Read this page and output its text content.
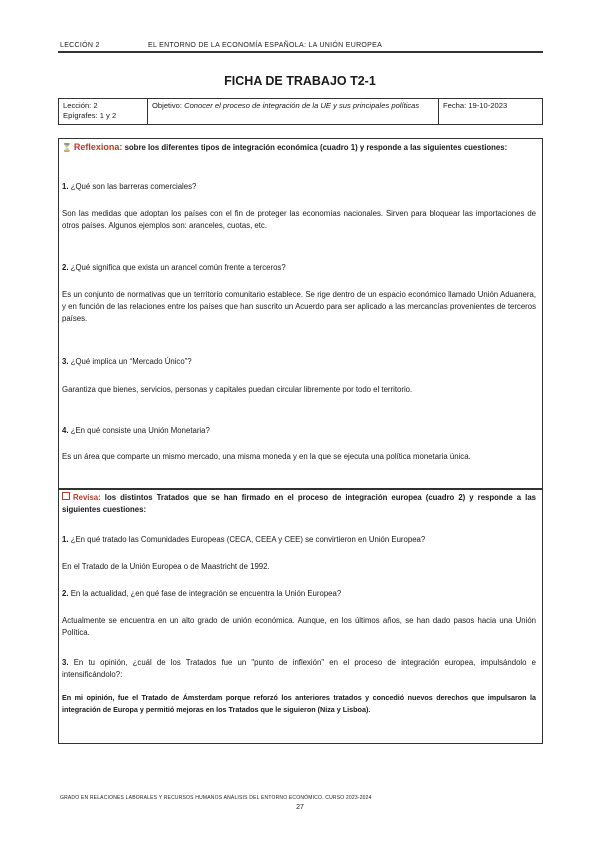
LECCIÓN 2	EL ENTORNO DE LA ECONOMÍA ESPAÑOLA: LA UNIÓN EUROPEA
FICHA DE TRABAJO T2-1
Lección: 2
Epígrafes: 1 y 2
	Objetivo: Conocer el proceso de integración de la UE y sus principales políticas	Fecha: 19-10-2023

⏳ Reflexiona: sobre los diferentes tipos de integración económica (cuadro 1) y responde a las siguientes cuestiones:

1. ¿Qué son las barreras comerciales?

Son las medidas que adoptan los países con el fin de proteger las economías nacionales. Sirven para bloquear las importaciones de otros países. Algunos ejemplos son: aranceles, cuotas, etc.

2. ¿Qué significa que exista un arancel común frente a terceros?

Es un conjunto de normativas que un territorio comunitario establece. Se rige dentro de un espacio económico llamado Unión Aduanera, y en función de las relaciones entre los países que han suscrito un Acuerdo para ser aplicado a las mercancías provenientes de terceros países.

3. ¿Qué implica un “Mercado Único”?

Garantiza que bienes, servicios, personas y capitales puedan circular libremente por todo el territorio.

4. ¿En qué consiste una Unión Monetaria?

Es un área que comparte un mismo mercado, una misma moneda y en la que se ejecuta una política monetaria única.

Revisa: los distintos Tratados que se han firmado en el proceso de integración europea (cuadro 2) y responde a las siguientes cuestiones:

1. ¿En qué tratado las Comunidades Europeas (CECA, CEEA y CEE) se convirtieron en Unión Europea?

En el Tratado de la Unión Europea o de Maastricht de 1992.

2. En la actualidad, ¿en qué fase de integración se encuentra la Unión Europea?

Actualmente se encuentra en un alto grado de unión económica. Aunque, en los últimos años, se han dado pasos hacia una Unión Política.

3. En tu opinión, ¿cuál de los Tratados fue un "punto de inflexión" en el proceso de integración europea, impulsándolo e intensificándolo?:

En mi opinión, fue el Tratado de Ámsterdam porque reforzó los anteriores tratados y concedió nuevos derechos que impulsaron la integración de Europa y permitió mejoras en los Tratados que le siguieron (Niza y Lisboa).

GRADO EN RELACIONES LABORALES Y RECURSOS HUMANOS ANÁLISIS DEL ENTORNO ECONÓMICO. CURSO 2023-2024
27
